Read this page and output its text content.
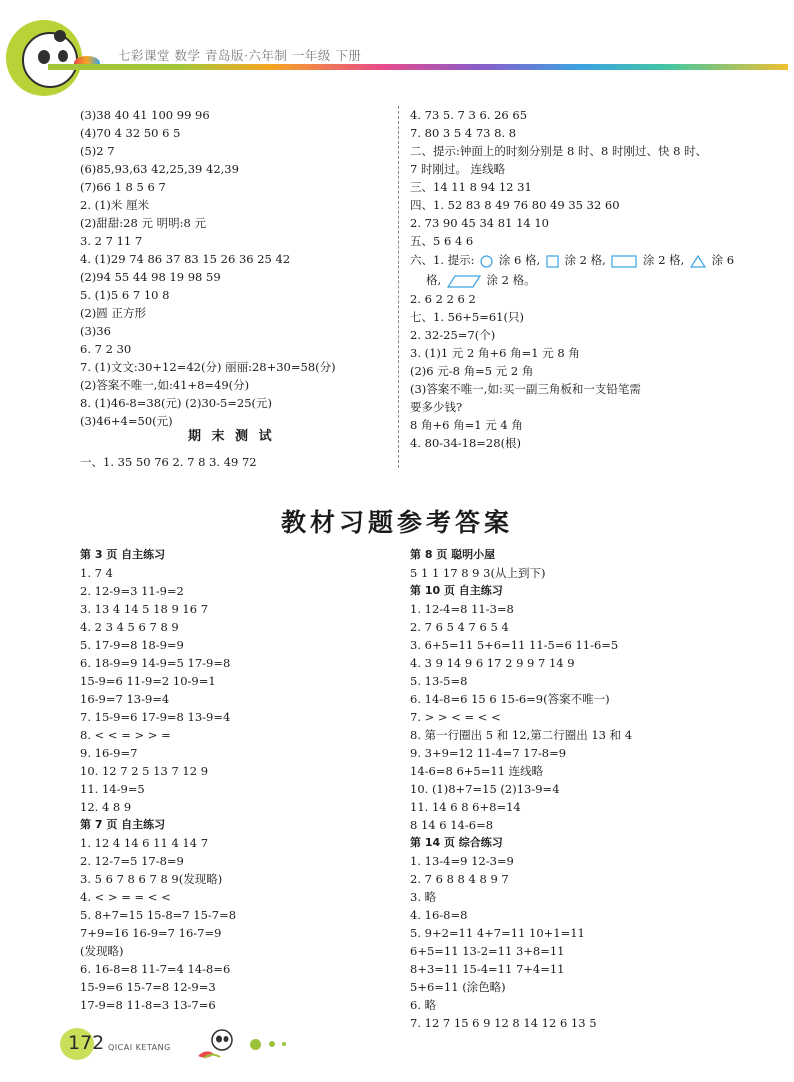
七彩课堂 数学 青岛版·六年制 一年级 下册
(3)38 40 41 100 99 96
(4)70 4 32 50 6 5
(5)2 7
(6)85,93,63 42,25,39 42,39
(7)66 1 8 5 6 7
2. (1)米 厘米
(2)甜甜:28 元 明明:8 元
3. 2 7 11 7
4. (1)29 74 86 37 83 15 26 36 25 42
(2)94 55 44 98 19 98 59
5. (1)5 6 7 10 8
(2)圆 正方形
(3)36
6. 7 2 30
7. (1)文文:30+12=42(分) 丽丽:28+30=58(分)
(2)答案不唯一,如:41+8=49(分)
8. (1)46-8=38(元) (2)30-5=25(元)
(3)46+4=50(元)
期 末 测 试
一、1. 35 50 76 2. 7 8 3. 49 72
4. 73 5. 7 3 6. 26 65
7. 80 3 5 4 73 8. 8
二、提示:钟面上的时刻分别是 8 时、8 时刚过、快 8 时、
7 时刚过。 连线略
三、14 11 8 94 12 31
四、1. 52 83 8 49 76 80 49 35 32 60
2. 73 90 45 34 81 14 10
五、5 6 4 6
六、1. 提示: 涂 6 格, 涂 2 格,	涂 2 格, 涂 6
格,	涂 2 格。
2. 6 2 2 6 2
七、1. 56+5=61(只)
2. 32-25=7(个)
3. (1)1 元 2 角+6 角=1 元 8 角
(2)6 元-8 角=5 元 2 角
(3)答案不唯一,如:买一副三角板和一支铅笔需
要多少钱?
8 角+6 角=1 元 4 角
4. 80-34-18=28(根)
教材习题参考答案
第 3 页 自主练习
1. 7 4
2. 12-9=3 11-9=2
3. 13 4 14 5 18 9 16 7
4. 2 3 4 5 6 7 8 9
5. 17-9=8 18-9=9
6. 18-9=9 14-9=5 17-9=8
15-9=6 11-9=2 10-9=1
16-9=7 13-9=4
7. 15-9=6 17-9=8 13-9=4
8. < < = > > =
9. 16-9=7
10. 12 7 2 5 13 7 12 9
11. 14-9=5
12. 4 8 9
第 7 页 自主练习
1. 12 4 14 6 11 4 14 7
2. 12-7=5 17-8=9
3. 5 6 7 8 6 7 8 9(发现略)
4. < > = = < <
5. 8+7=15 15-8=7 15-7=8
7+9=16 16-9=7 16-7=9
(发现略)
6. 16-8=8 11-7=4 14-8=6
15-9=6 15-7=8 12-9=3
17-9=8 11-8=3 13-7=6
第 8 页 聪明小屋
5 1 1 17 8 9 3(从上到下)
第 10 页 自主练习
1. 12-4=8 11-3=8
2. 7 6 5 4 7 6 5 4
3. 6+5=11 5+6=11 11-5=6 11-6=5
4. 3 9 14 9 6 17 2 9 9 7 14 9
5. 13-5=8
6. 14-8=6 15 6 15-6=9(答案不唯一)
7. > > < = < <
8. 第一行圈出 5 和 12,第二行圈出 13 和 4
9. 3+9=12 11-4=7 17-8=9
14-6=8 6+5=11 连线略
10. (1)8+7=15 (2)13-9=4
11. 14 6 8 6+8=14
8 14 6 14-6=8
第 14 页 综合练习
1. 13-4=9 12-3=9
2. 7 6 8 8 4 8 9 7
3. 略
4. 16-8=8
5. 9+2=11 4+7=11 10+1=11
6+5=11 13-2=11 3+8=11
8+3=11 15-4=11 7+4=11
5+6=11 (涂色略)
6. 略
7. 12 7 15 6 9 12 8 14 12 6 13 5
172 QICAI KETANG
